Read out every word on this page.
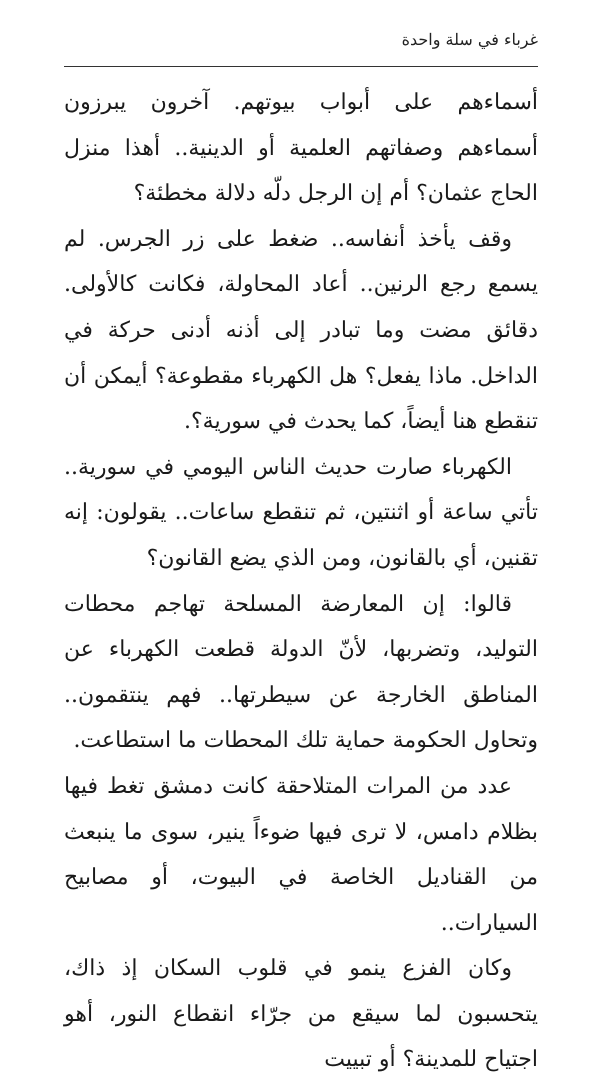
غرباء في سلة واحدة

أسماءهم على أبواب بيوتهم. آخرون يبرزون أسماءهم وصفاتهم العلمية أو الدينية.. أهذا منزل الحاج عثمان؟ أم إن الرجل دلّه دلالة مخطئة؟

وقف يأخذ أنفاسه.. ضغط على زر الجرس. لم يسمع رجع الرنين.. أعاد المحاولة، فكانت كالأولى. دقائق مضت وما تبادر إلى أذنه أدنى حركة في الداخل. ماذا يفعل؟ هل الكهرباء مقطوعة؟ أيمكن أن تنقطع هنا أيضاً، كما يحدث في سورية؟.

الكهرباء صارت حديث الناس اليومي في سورية.. تأتي ساعة أو اثنتين، ثم تنقطع ساعات.. يقولون: إنه تقنين، أي بالقانون، ومن الذي يضع القانون؟

قالوا: إن المعارضة المسلحة تهاجم محطات التوليد، وتضربها، لأنّ الدولة قطعت الكهرباء عن المناطق الخارجة عن سيطرتها.. فهم ينتقمون.. وتحاول الحكومة حماية تلك المحطات ما استطاعت.

عدد من المرات المتلاحقة كانت دمشق تغط فيها بظلام دامس، لا ترى فيها ضوءاً ينير، سوى ما ينبعث من القناديل الخاصة في البيوت، أو مصابيح السيارات..

وكان الفزع ينمو في قلوب السكان إذ ذاك، يتحسبون لما سيقع من جرّاء انقطاع النور، أهو اجتياح للمدينة؟ أو تبييت
